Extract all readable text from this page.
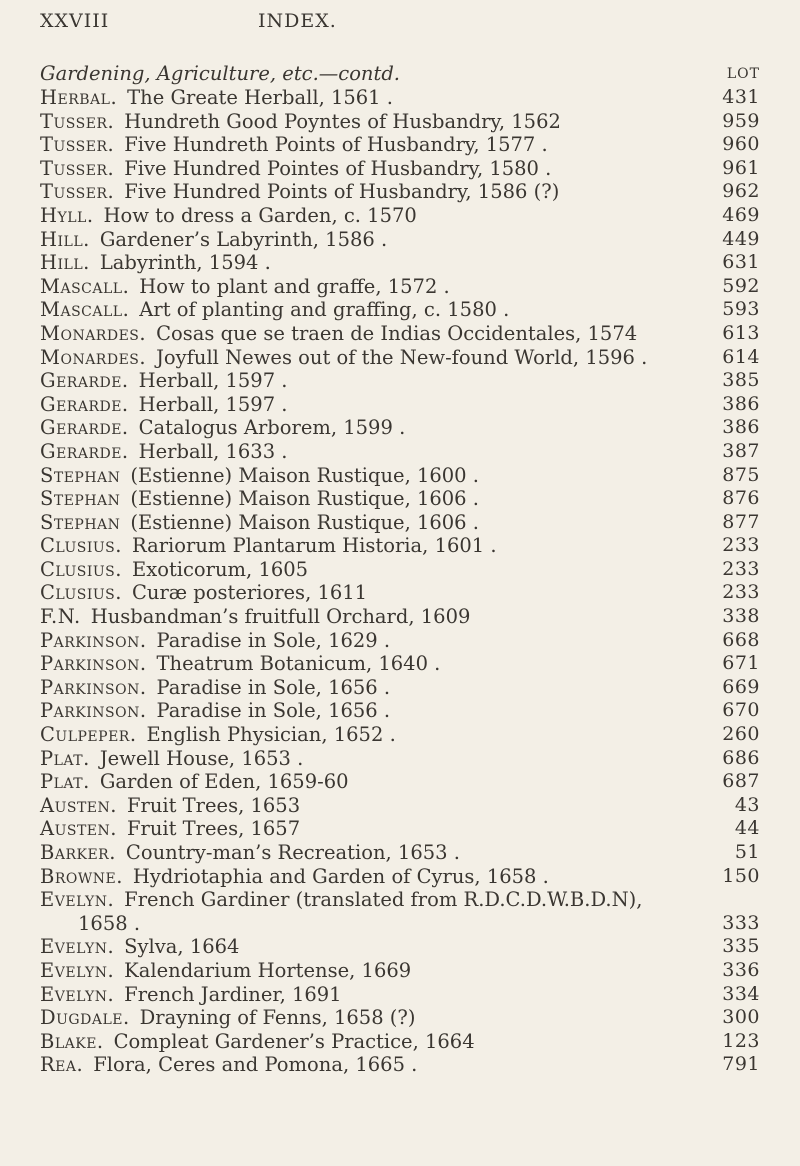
XXVIII	INDEX.
Gardening, Agriculture, etc.—contd.	LOT
Herbal. The Greate Herball, 1561 .	431
Tusser. Hundreth Good Poyntes of Husbandry, 1562	959
Tusser. Five Hundreth Points of Husbandry, 1577 .	960
Tusser. Five Hundred Pointes of Husbandry, 1580 .	961
Tusser. Five Hundred Points of Husbandry, 1586 (?)	962
Hyll. How to dress a Garden, c. 1570	469
Hill. Gardener’s Labyrinth, 1586 .	449
Hill. Labyrinth, 1594 .	631
Mascall. How to plant and graffe, 1572 .	592
Mascall. Art of planting and graffing, c. 1580 .	593
Monardes. Cosas que se traen de Indias Occidentales, 1574	613
Monardes. Joyfull Newes out of the New-found World, 1596 .	614
Gerarde. Herball, 1597 .	385
Gerarde. Herball, 1597 .	386
Gerarde. Catalogus Arborem, 1599 .	386
Gerarde. Herball, 1633 .	387
Stephan (Estienne) Maison Rustique, 1600 .	875
Stephan (Estienne) Maison Rustique, 1606 .	876
Stephan (Estienne) Maison Rustique, 1606 .	877
Clusius. Rariorum Plantarum Historia, 1601 .	233
Clusius. Exoticorum, 1605	233
Clusius. Curæ posteriores, 1611	233
F.N. Husbandman’s fruitfull Orchard, 1609	338
Parkinson. Paradise in Sole, 1629 .	668
Parkinson. Theatrum Botanicum, 1640 .	671
Parkinson. Paradise in Sole, 1656 .	669
Parkinson. Paradise in Sole, 1656 .	670
Culpeper. English Physician, 1652 .	260
Plat. Jewell House, 1653 .	686
Plat. Garden of Eden, 1659-60	687
Austen. Fruit Trees, 1653	43
Austen. Fruit Trees, 1657	44
Barker. Country-man’s Recreation, 1653 .	51
Browne. Hydriotaphia and Garden of Cyrus, 1658 .	150
Evelyn. French Gardiner (translated from R.D.C.D.W.B.D.N),
1658 .	333
Evelyn. Sylva, 1664	335
Evelyn. Kalendarium Hortense, 1669	336
Evelyn. French Jardiner, 1691	334
Dugdale. Drayning of Fenns, 1658 (?)	300
Blake. Compleat Gardener’s Practice, 1664	123
Rea. Flora, Ceres and Pomona, 1665 .	791
